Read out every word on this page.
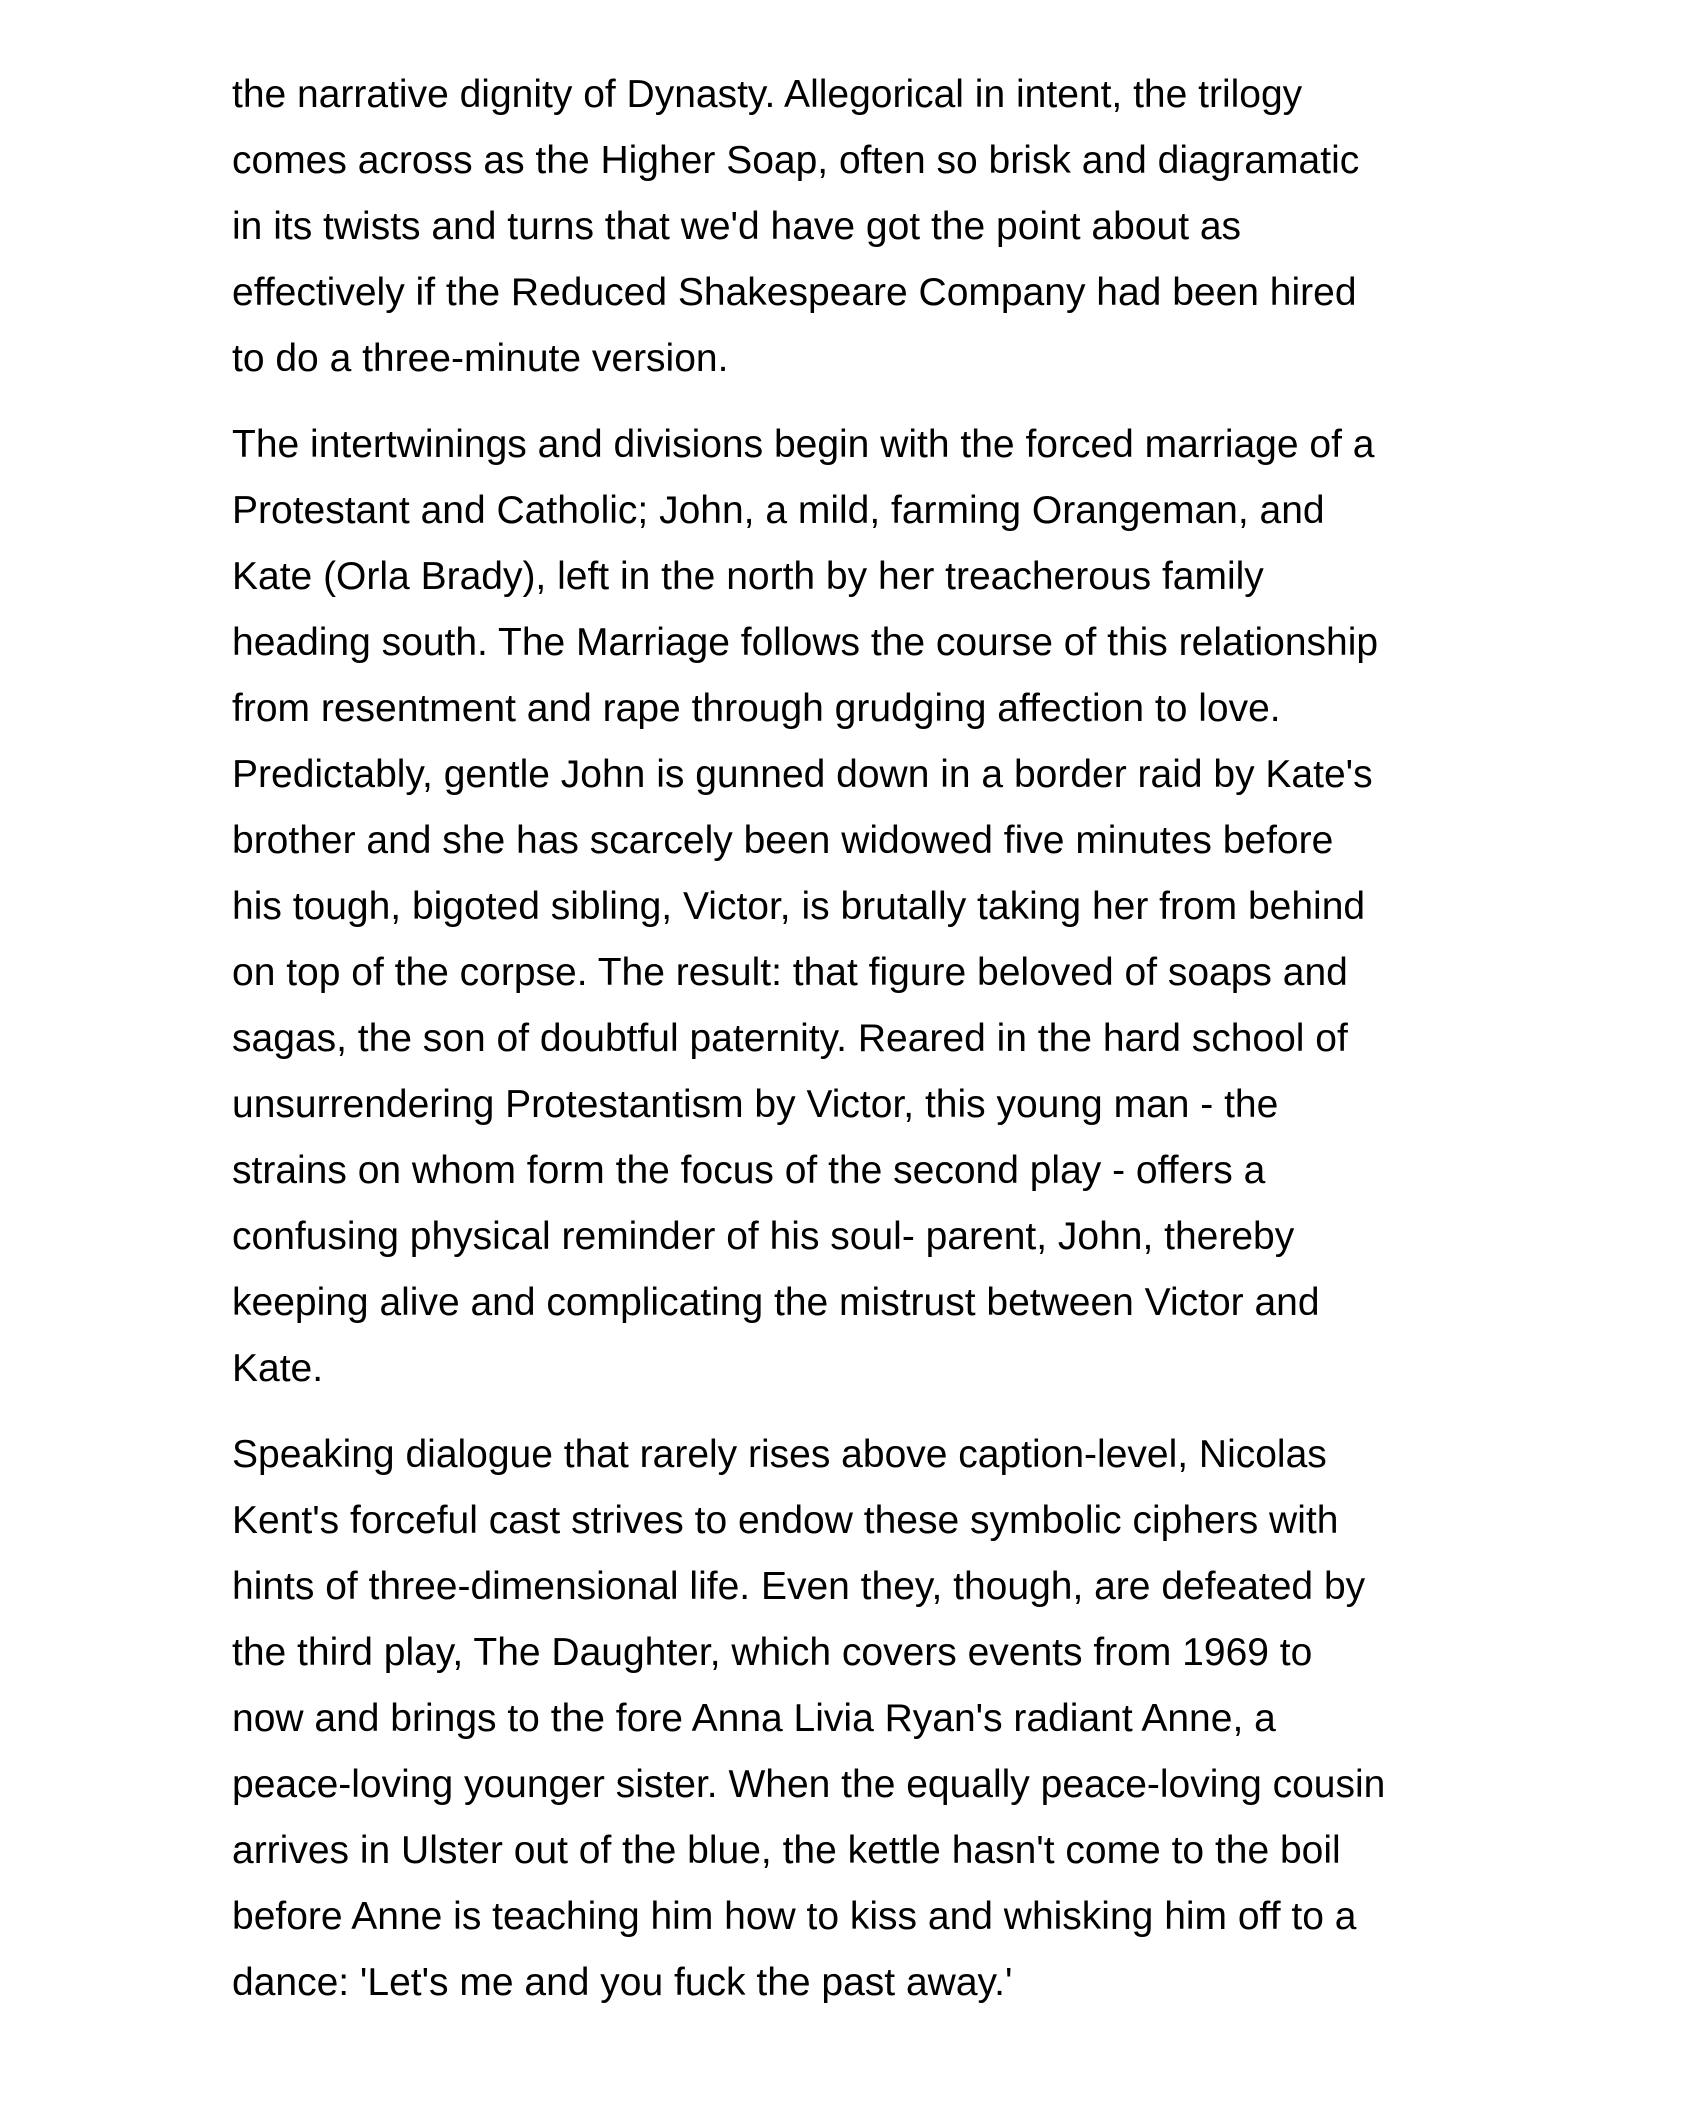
the narrative dignity of Dynasty. Allegorical in intent, the trilogy
comes across as the Higher Soap, often so brisk and diagramatic
in its twists and turns that we'd have got the point about as
effectively if the Reduced Shakespeare Company had been hired
to do a three-minute version.
The intertwinings and divisions begin with the forced marriage of a
Protestant and Catholic; John, a mild, farming Orangeman, and
Kate (Orla Brady), left in the north by her treacherous family
heading south. The Marriage follows the course of this relationship
from resentment and rape through grudging affection to love.
Predictably, gentle John is gunned down in a border raid by Kate's
brother and she has scarcely been widowed five minutes before
his tough, bigoted sibling, Victor, is brutally taking her from behind
on top of the corpse. The result: that figure beloved of soaps and
sagas, the son of doubtful paternity. Reared in the hard school of
unsurrendering Protestantism by Victor, this young man - the
strains on whom form the focus of the second play - offers a
confusing physical reminder of his soul- parent, John, thereby
keeping alive and complicating the mistrust between Victor and
Kate.
Speaking dialogue that rarely rises above caption-level, Nicolas
Kent's forceful cast strives to endow these symbolic ciphers with
hints of three-dimensional life. Even they, though, are defeated by
the third play, The Daughter, which covers events from 1969 to
now and brings to the fore Anna Livia Ryan's radiant Anne, a
peace-loving younger sister. When the equally peace-loving cousin
arrives in Ulster out of the blue, the kettle hasn't come to the boil
before Anne is teaching him how to kiss and whisking him off to a
dance: 'Let's me and you fuck the past away.'
